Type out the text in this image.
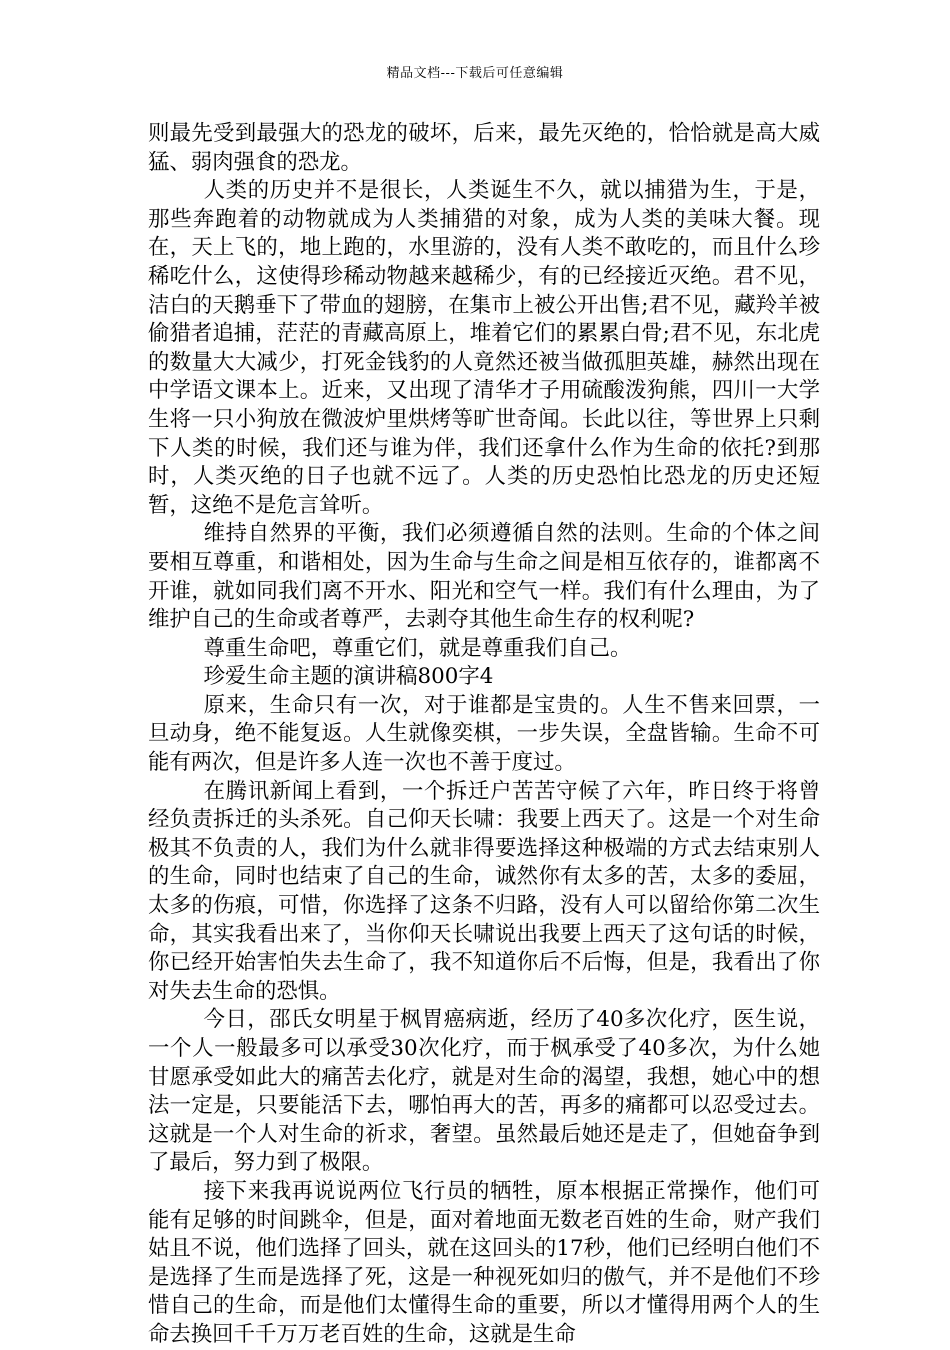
精品文档---下载后可任意编辑

则最先受到最强大的恐龙的破坏，后来，最先灭绝的，恰恰就是高大威猛、弱肉强食的恐龙。

人类的历史并不是很长，人类诞生不久，就以捕猎为生，于是，那些奔跑着的动物就成为人类捕猎的对象，成为人类的美味大餐。现在，天上飞的，地上跑的，水里游的，没有人类不敢吃的，而且什么珍稀吃什么，这使得珍稀动物越来越稀少，有的已经接近灭绝。君不见，洁白的天鹅垂下了带血的翅膀，在集市上被公开出售;君不见，藏羚羊被偷猎者追捕，茫茫的青藏高原上，堆着它们的累累白骨;君不见，东北虎的数量大大减少，打死金钱豹的人竟然还被当做孤胆英雄，赫然出现在中学语文课本上。近来，又出现了清华才子用硫酸泼狗熊，四川一大学生将一只小狗放在微波炉里烘烤等旷世奇闻。长此以往，等世界上只剩下人类的时候，我们还与谁为伴，我们还拿什么作为生命的依托?到那时，人类灭绝的日子也就不远了。人类的历史恐怕比恐龙的历史还短暂，这绝不是危言耸听。

维持自然界的平衡，我们必须遵循自然的法则。生命的个体之间要相互尊重，和谐相处，因为生命与生命之间是相互依存的，谁都离不开谁，就如同我们离不开水、阳光和空气一样。我们有什么理由，为了维护自己的生命或者尊严，去剥夺其他生命生存的权利呢?

尊重生命吧，尊重它们，就是尊重我们自己。

珍爱生命主题的演讲稿800字4

原来，生命只有一次，对于谁都是宝贵的。人生不售来回票，一旦动身，绝不能复返。人生就像奕棋，一步失误，全盘皆输。生命不可能有两次，但是许多人连一次也不善于度过。

在腾讯新闻上看到，一个拆迁户苦苦守候了六年，昨日终于将曾经负责拆迁的头杀死。自己仰天长啸：我要上西天了。这是一个对生命极其不负责的人，我们为什么就非得要选择这种极端的方式去结束别人的生命，同时也结束了自己的生命，诚然你有太多的苦，太多的委屈，太多的伤痕，可惜，你选择了这条不归路，没有人可以留给你第二次生命，其实我看出来了，当你仰天长啸说出我要上西天了这句话的时候，你已经开始害怕失去生命了，我不知道你后不后悔，但是，我看出了你对失去生命的恐惧。

今日，邵氏女明星于枫胃癌病逝，经历了40多次化疗，医生说，一个人一般最多可以承受30次化疗，而于枫承受了40多次，为什么她甘愿承受如此大的痛苦去化疗，就是对生命的渴望，我想，她心中的想法一定是，只要能活下去，哪怕再大的苦，再多的痛都可以忍受过去。这就是一个人对生命的祈求，奢望。虽然最后她还是走了，但她奋争到了最后，努力到了极限。

接下来我再说说两位飞行员的牺牲，原本根据正常操作，他们可能有足够的时间跳伞，但是，面对着地面无数老百姓的生命，财产我们姑且不说，他们选择了回头，就在这回头的17秒，他们已经明白他们不是选择了生而是选择了死，这是一种视死如归的傲气，并不是他们不珍惜自己的生命，而是他们太懂得生命的重要，所以才懂得用两个人的生命去换回千千万万老百姓的生命，这就是生命
